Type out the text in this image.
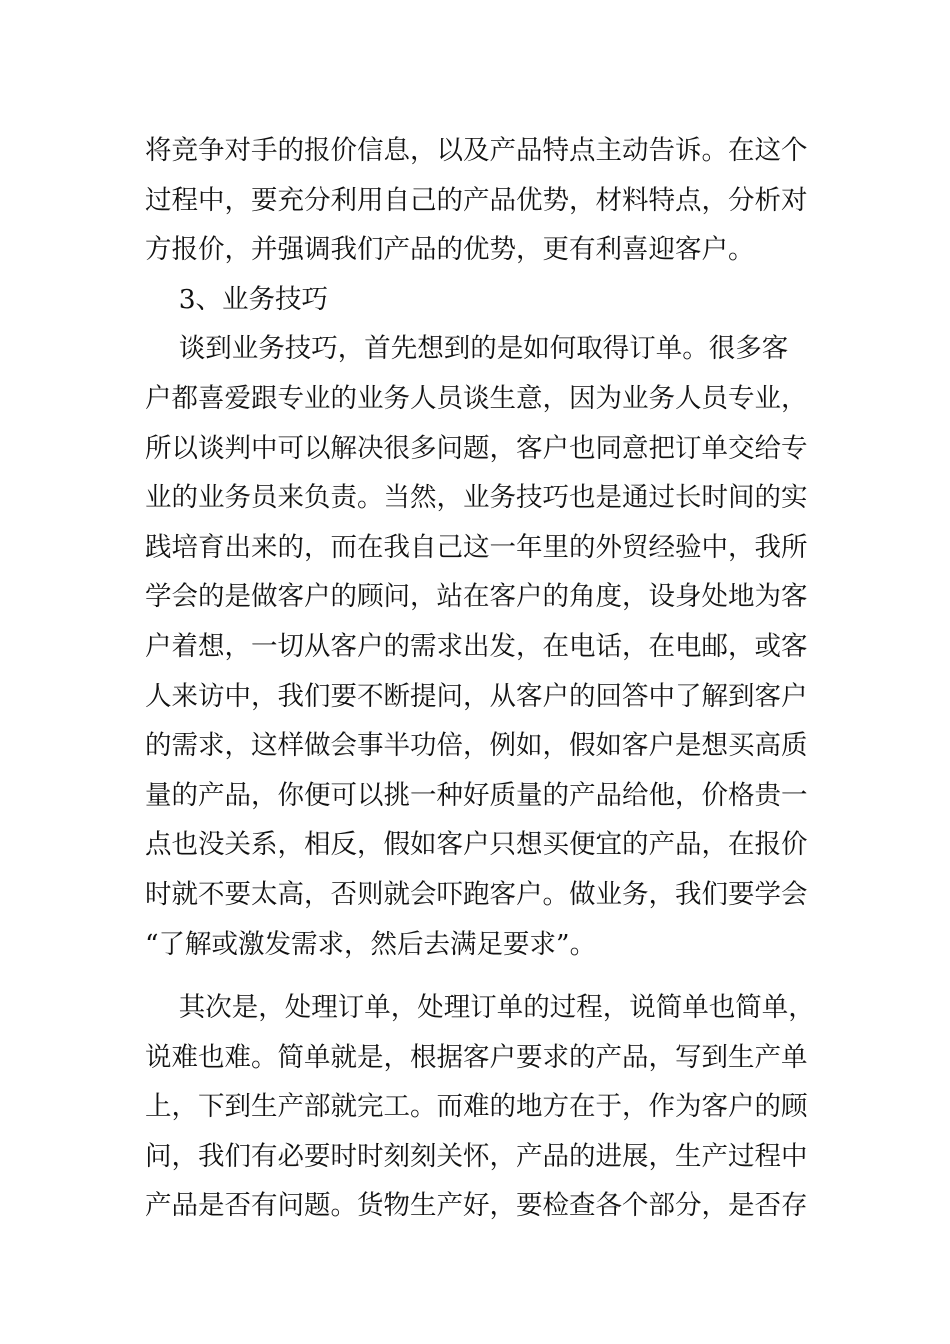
将竞争对手的报价信息，以及产品特点主动告诉。在这个
过程中，要充分利用自己的产品优势，材料特点，分析对
方报价，并强调我们产品的优势，更有利喜迎客户。
3、业务技巧
谈到业务技巧，首先想到的是如何取得订单。很多客
户都喜爱跟专业的业务人员谈生意，因为业务人员专业，
所以谈判中可以解决很多问题，客户也同意把订单交给专
业的业务员来负责。当然，业务技巧也是通过长时间的实
践培育出来的，而在我自己这一年里的外贸经验中，我所
学会的是做客户的顾问，站在客户的角度，设身处地为客
户着想，一切从客户的需求出发，在电话，在电邮，或客
人来访中，我们要不断提问，从客户的回答中了解到客户
的需求，这样做会事半功倍，例如，假如客户是想买高质
量的产品，你便可以挑一种好质量的产品给他，价格贵一
点也没关系，相反，假如客户只想买便宜的产品，在报价
时就不要太高，否则就会吓跑客户。做业务，我们要学会
“了解或激发需求，然后去满足要求”。
其次是，处理订单，处理订单的过程，说简单也简单，
说难也难。简单就是，根据客户要求的产品，写到生产单
上，下到生产部就完工。而难的地方在于，作为客户的顾
问，我们有必要时时刻刻关怀，产品的进展，生产过程中
产品是否有问题。货物生产好，要检查各个部分，是否存
